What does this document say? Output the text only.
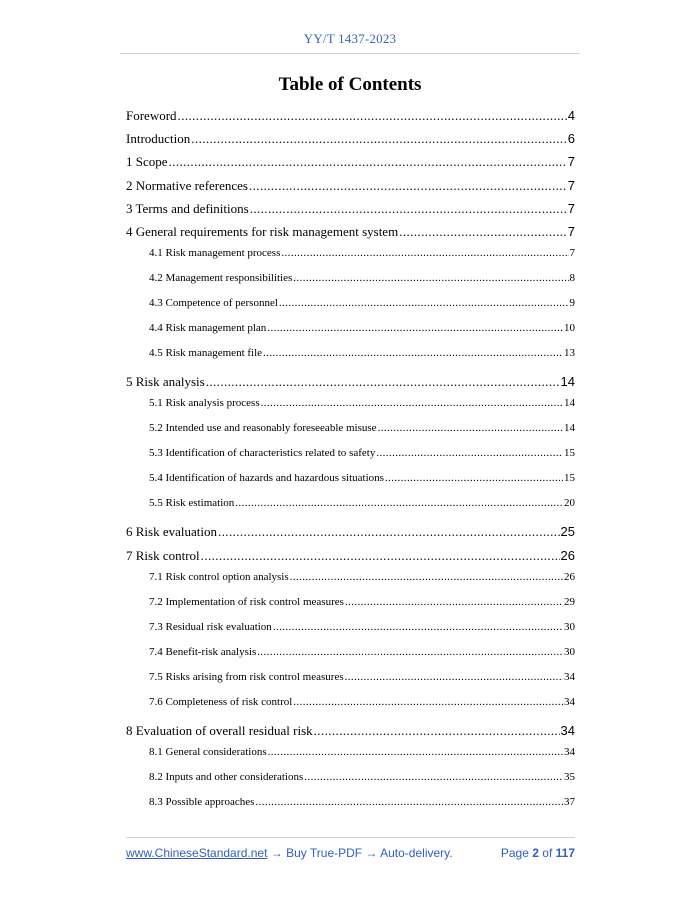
YY/T 1437-2023
Table of Contents
Foreword .....	4
Introduction .....	6
1 Scope .....	7
2 Normative references .....	7
3 Terms and definitions .....	7
4 General requirements for risk management system .....	7
4.1 Risk management process .....	7
4.2 Management responsibilities .....	8
4.3 Competence of personnel .....	9
4.4 Risk management plan .....	10
4.5 Risk management file .....	13
5 Risk analysis .....	14
5.1 Risk analysis process .....	14
5.2 Intended use and reasonably foreseeable misuse .....	14
5.3 Identification of characteristics related to safety .....	15
5.4 Identification of hazards and hazardous situations .....	15
5.5 Risk estimation .....	20
6 Risk evaluation .....	25
7 Risk control .....	26
7.1 Risk control option analysis .....	26
7.2 Implementation of risk control measures .....	29
7.3 Residual risk evaluation .....	30
7.4 Benefit-risk analysis .....	30
7.5 Risks arising from risk control measures .....	34
7.6 Completeness of risk control .....	34
8 Evaluation of overall residual risk .....	34
8.1 General considerations .....	34
8.2 Inputs and other considerations .....	35
8.3 Possible approaches .....	37
www.ChineseStandard.net → Buy True-PDF → Auto-delivery.	Page 2 of 117
